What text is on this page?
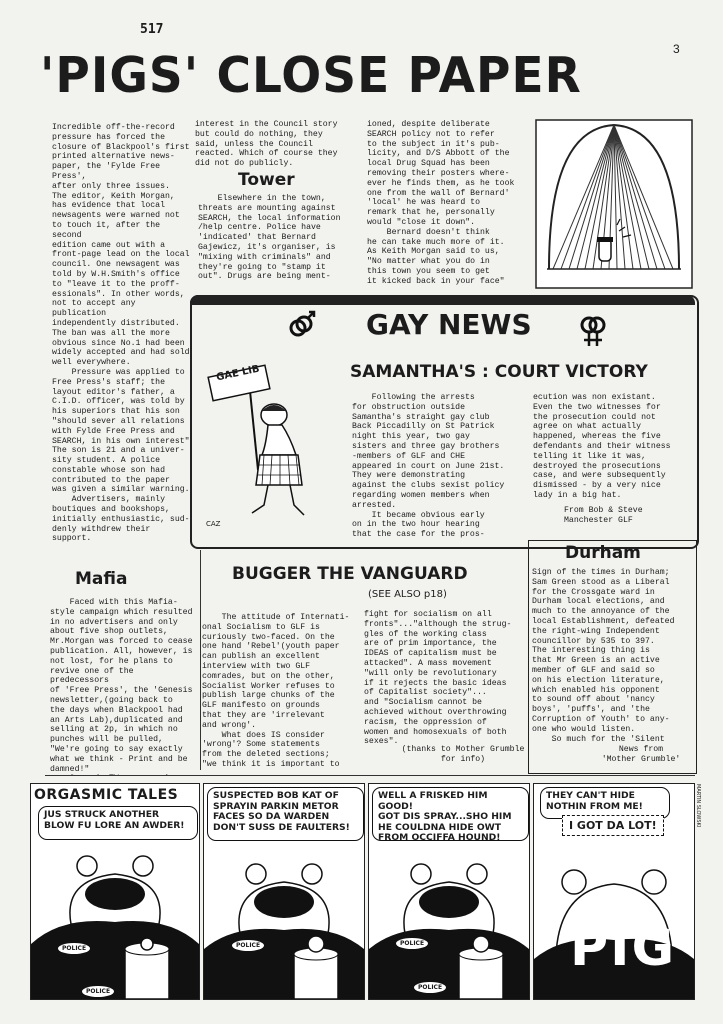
517
3
'PIGS' CLOSE PAPER
Incredible off-the-record
pressure has forced the
closure of Blackpool's first
printed alternative news-
paper, the 'Fylde Free Press',
after only three issues.
The editor, Keith Morgan,
has evidence that local
newsagents were warned not
to touch it, after the second
edition came out with a
front-page lead on the local
council. One newsagent was
told by W.H.Smith's office
to "leave it to the proff-
essionals". In other words,
not to accept any publication
independently distributed.
The ban was all the more
obvious since No.1 had been
widely accepted and had sold
well everywhere.
Pressure was applied to
Free Press's staff; the
layout editor's father, a
C.I.D. officer, was told by
his superiors that his son
"should sever all relations
with Fylde Free Press and
SEARCH, in his own interest"
The son is 21 and a univer-
sity student. A police
constable whose son had
contributed to the paper
was given a similar warning.
Advertisers, mainly
boutiques and bookshops,
initially enthusiastic, sud-
denly withdrew their support.

interest in the Council story
but could do nothing, they
said, unless the Council
reacted. Which of course they
did not do publicly.
Tower
Elsewhere in the town,
threats are mounting against
SEARCH, the local information
/help centre. Police have
'indicated' that Bernard
Gajewicz, it's organiser, is
"mixing with criminals" and
they're going to "stamp it
out". Drugs are being ment-
ioned, despite deliberate
SEARCH policy not to refer
to the subject in it's pub-
licity, and D/S Abbott of the
local Drug Squad has been
removing their posters where-
ever he finds them, as he took
one from the wall of Bernard'
'local' he was heard to
remark that he, personally
would "close it down".
Bernard doesn't think
he can take much more of it.
As Keith Morgan said to us,
"No matter what you do in
this town you seem to get
it kicked back in your face"
GAY NEWS
GAE LIB
CAZ
SAMANTHA'S : COURT VICTORY
Following the arrests
for obstruction outside
Samantha's straight gay club
Back Piccadilly on St Patrick
night this year, two gay
sisters and three gay brothers
-members of GLF and CHE
appeared in court on June 21st.
They were demonstrating
against the clubs sexist policy
regarding women members when
arrested.
It became obvious early
on in the two hour hearing
that the case for the pros-
ecution was non existant.
Even the two witnesses for
the prosecution could not
agree on what actually
happened, whereas the five
defendants and their witness
telling it like it was,
destroyed the prosecutions
case, and were subsequently
dismissed - by a very nice
lady in a big hat.
From Bob & Steve
Manchester GLF
Mafia
Faced with this Mafia-
style campaign which resulted
in no advertisers and only
about five shop outlets,
Mr.Morgan was forced to cease
publication. All, however, is
not lost, for he plans to
revive one of the predecessors
of 'Free Press', the 'Genesis
newsletter,(going back to
the days when Blackpool had
an Arts Lab),duplicated and
selling at 2p, in which no
punches will be pulled,
"We're going to say exactly
what we think - Print and be
damned!"

BUGGER THE VANGUARD
(SEE ALSO p18)
The attitude of Internati-
onal Socialism to GLF is
curiously two-faced. On the
one hand 'Rebel'(youth paper
can publish an excellent
interview with two GLF
comrades, but on the other,
Socialist Worker refuses to
publish large chunks of the
GLF manifesto on grounds
that they are 'irrelevant
and wrong'.
What does IS consider
'wrong'? Some statements
from the deleted sections;
"we think it is important to
fight for socialism on all
fronts"..."although the strug-
gles of the working class
are of prim importance, the
IDEAS of capitalism must be
attacked". A mass movement
"will only be revolutionary
if it rejects the basic ideas
of Capitalist society"...
and "Socialism cannot be
achieved without overthrowing
racism, the oppression of
women and homosexuals of both
sexes".
(thanks to Mother Grumble
for info)
Durham
Sign of the times in Durham;
Sam Green stood as a Liberal
for the Crossgate ward in
Durham local elections, and
much to the annoyance of the
local Establishment, defeated
the right-wing Independent
councillor by 535 to 397.
The interesting thing is
that Mr Green is an active
member of GLF and said so
on his election literature,
which enabled his opponent
to sound off about 'nancy
boys', 'puffs', and 'the
Corruption of Youth' to any-
one who would listen.
So much for the 'Silent

News from
'Mother Grumble'
ORGASMIC TALES
JUS STRUCK ANOTHER
BLOW FU LORE AN AWDER!
POLICE
POLICE
SUSPECTED BOB KAT OF
SPRAYIN PARKIN METOR
FACES SO DA WARDEN
DON'T SUSS DE FAULTERS!
POLICE
WELL A FRISKED HIM GOOD!
GOT DIS SPRAY...SHO HIM
HE COULDNA HIDE OWT
FROM OCCIFFA HOUND!
POLICE
POLICE
THEY CAN'T HIDE
NOTHIN FROM ME!
I GOT DA LOT!
PIG
MARTIN SLOWSKI
